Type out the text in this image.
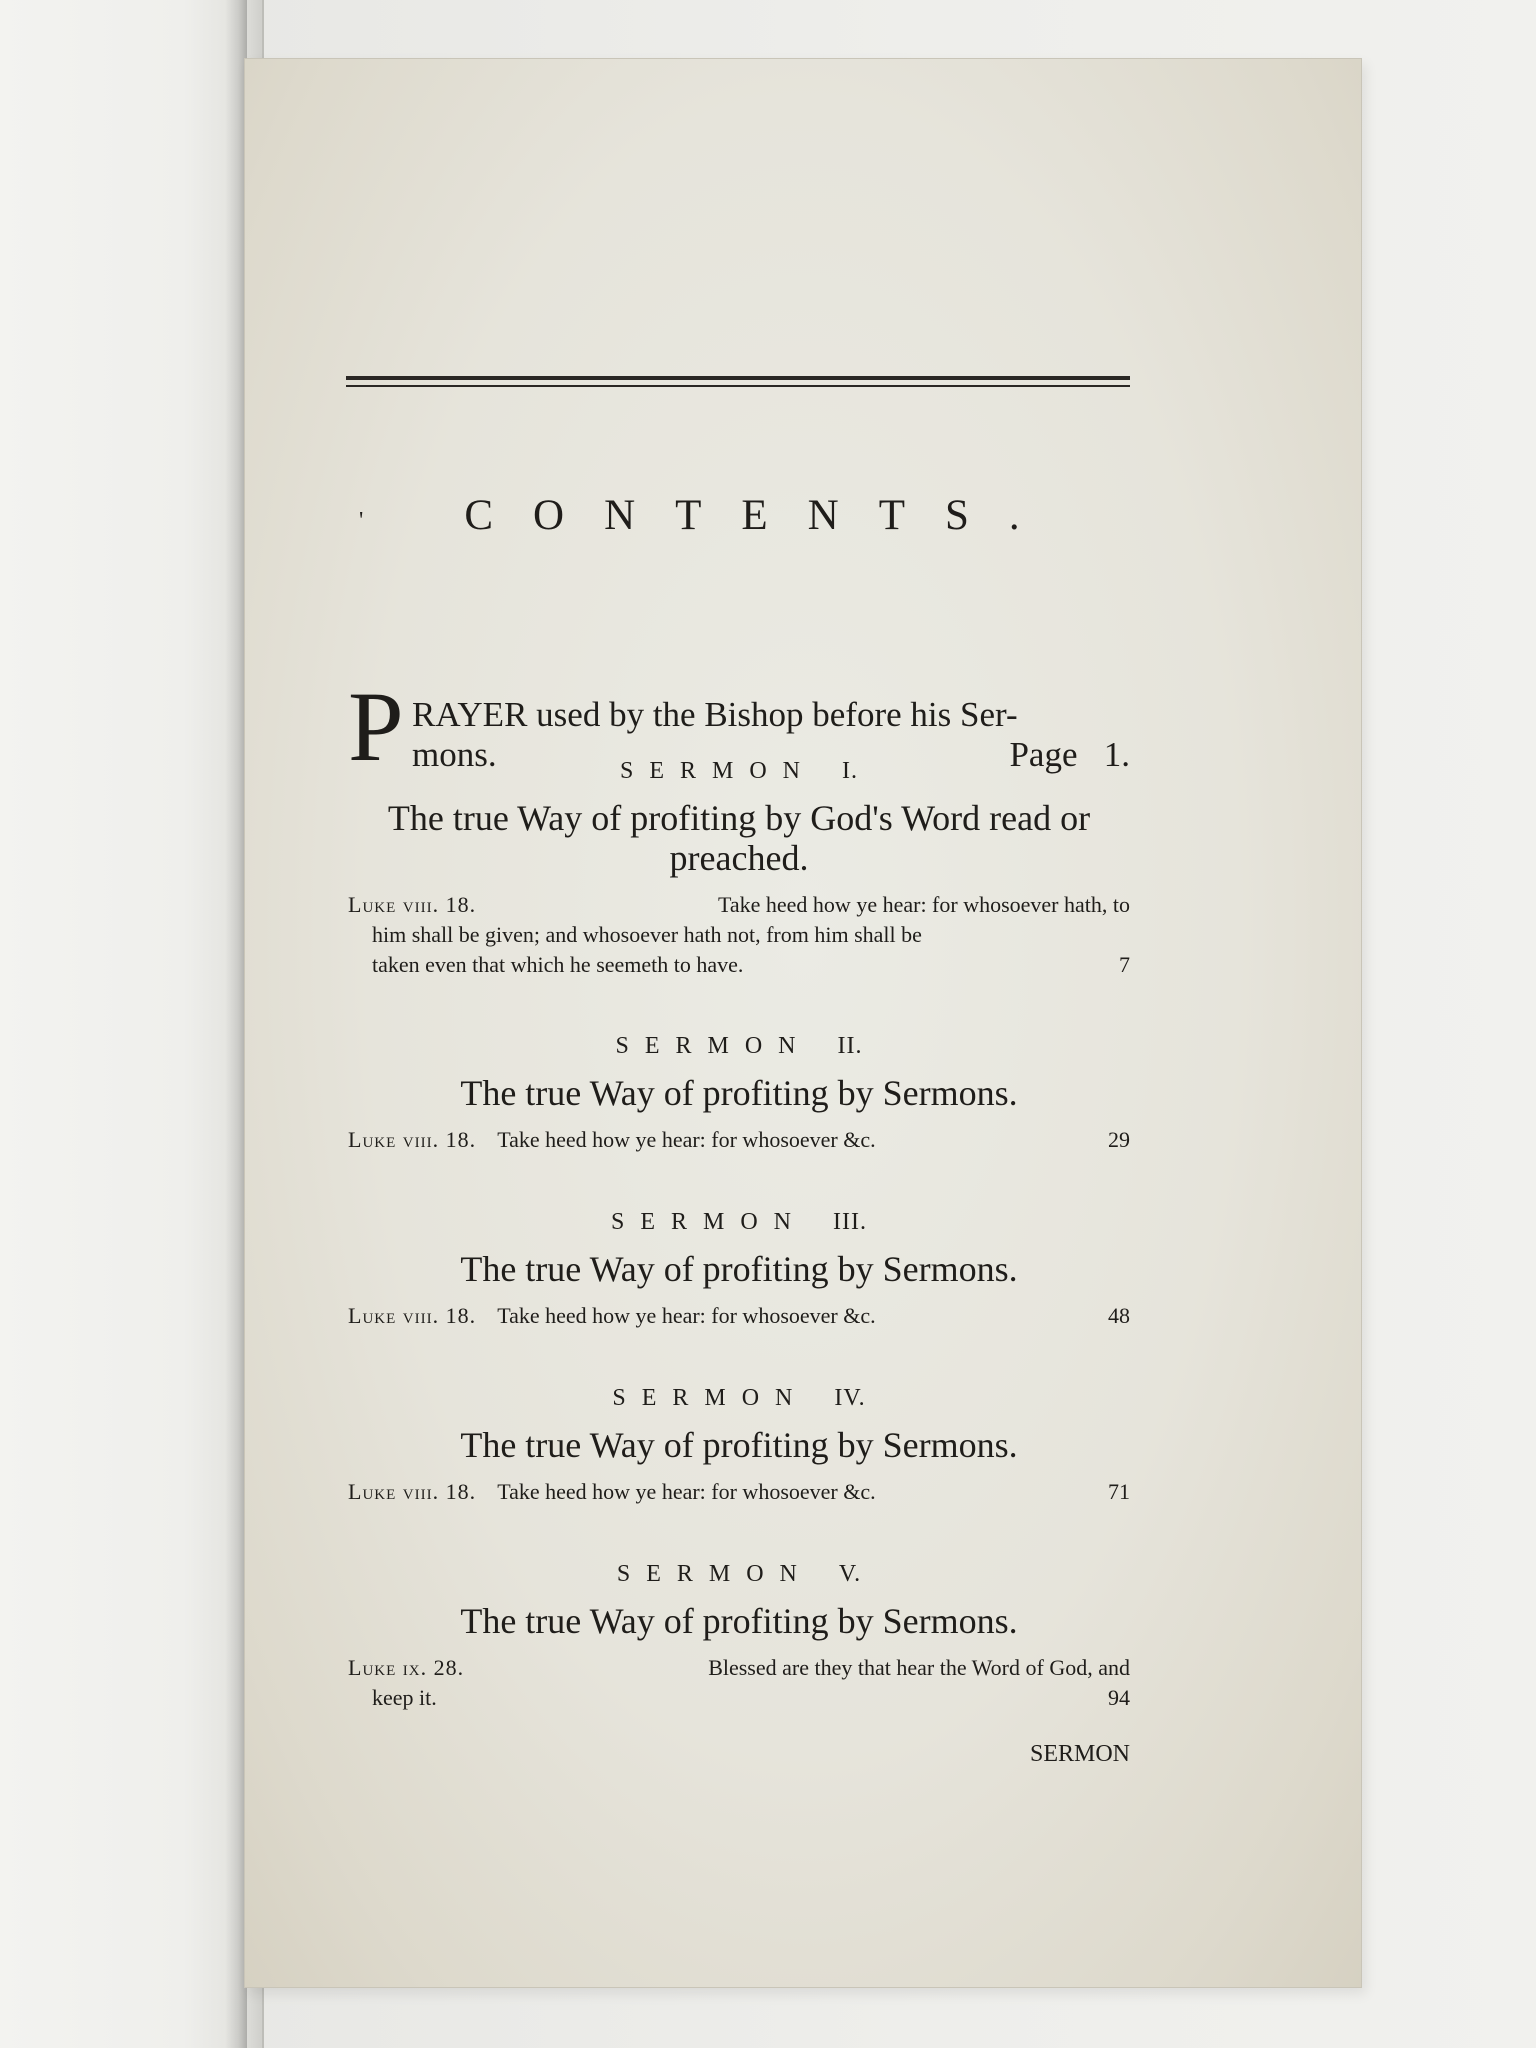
'	CONTENTS.
P RAYER used by the Bishop before his Ser-
mons.	Page 1.
SERMON I.
The true Way of profiting by God's Word read or preached.
Luke viii. 18.	Take heed how ye hear: for whosoever hath, to
him shall be given; and whosoever hath not, from him shall be
taken even that which he seemeth to have.	7
SERMON II.
The true Way of profiting by Sermons.
Luke viii. 18. Take heed how ye hear: for whosoever &c.	29
SERMON III.
The true Way of profiting by Sermons.
Luke viii. 18. Take heed how ye hear: for whosoever &c.	48
SERMON IV.
The true Way of profiting by Sermons.
Luke viii. 18. Take heed how ye hear: for whosoever &c.	71
SERMON V.
The true Way of profiting by Sermons.
Luke ix. 28.	Blessed are they that hear the Word of God, and
keep it.	94
SERMON
